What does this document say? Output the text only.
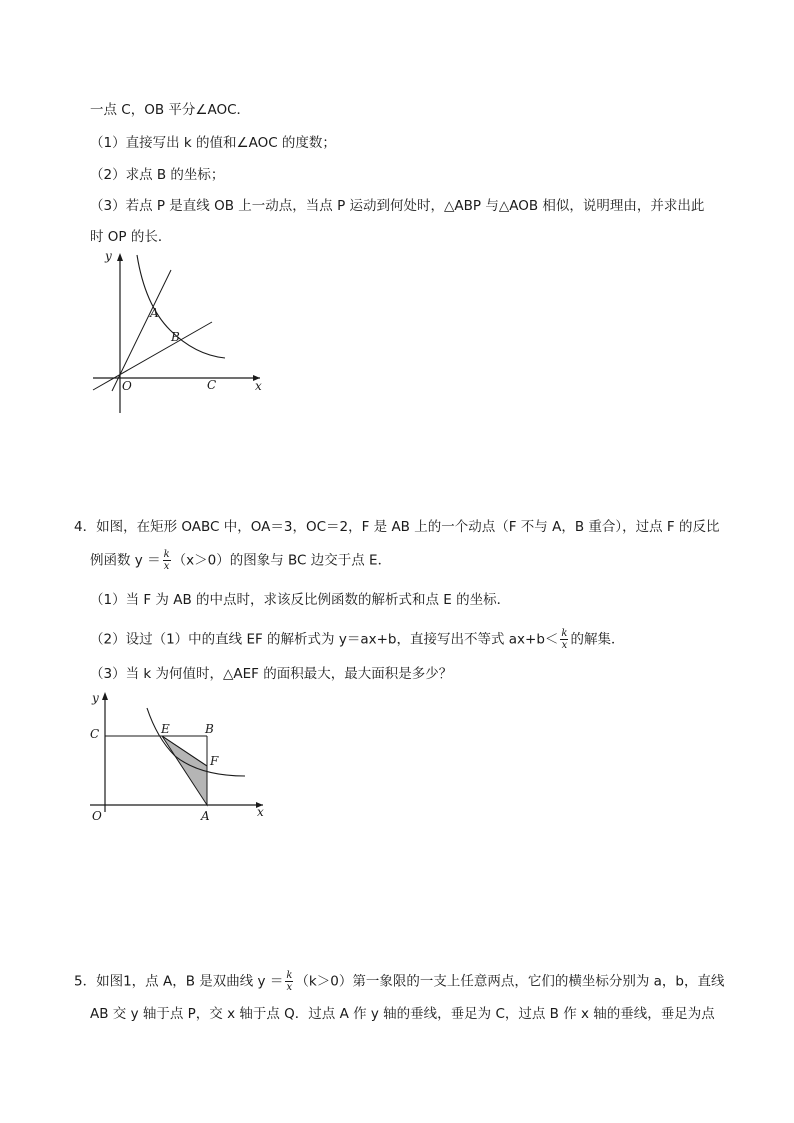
一点 C，OB 平分∠AOC．
（1）直接写出 k 的值和∠AOC 的度数；
（2）求点 B 的坐标；
（3）若点 P 是直线 OB 上一动点，当点 P 运动到何处时，△ABP 与△AOB 相似，说明理由，并求出此
时 OP 的长．
y
x
O	C
A
B
4．如图，在矩形 OABC 中，OA＝3，OC＝2，F 是 AB 上的一个动点（F 不与 A，B 重合），过点 F 的反比
例函数 $y = \frac{k}{x} (x>0)$的图象与 BC 边交于点 E．
（1）当 F 为 AB 的中点时，求该反比例函数的解析式和点 E 的坐标．
（2）设过（1）中的直线 EF 的解析式为 y＝ax+b，直接写出不等式 $ax+b< \frac{k}{x}$ 的解集．
（3）当 k 为何值时，△AEF 的面积最大，最大面积是多少？
y
x
O	A
C	E	B
F
5．如图1，点 A，B 是双曲线 $y = \frac{k}{x} (k>0)$第一象限的一支上任意两点，它们的横坐标分别为 a，b，直线
AB 交 y 轴于点 P，交 x 轴于点 Q．过点 A 作 y 轴的垂线，垂足为 C，过点 B 作 x 轴的垂线，垂足为点
